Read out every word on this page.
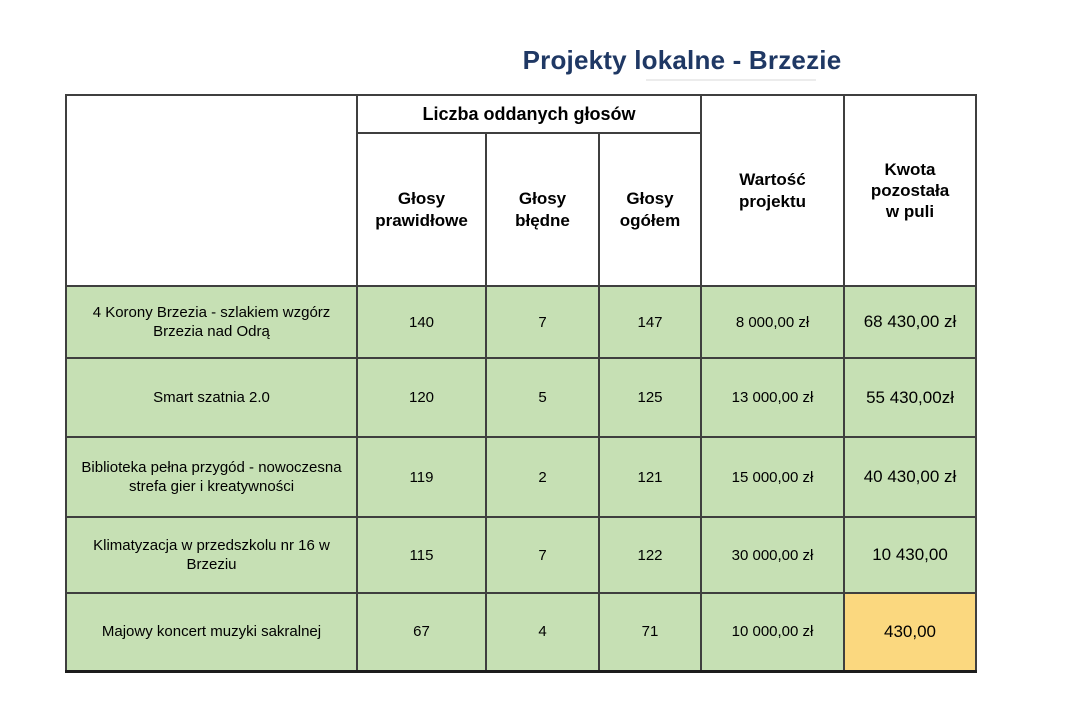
Projekty lokalne - Brzezie
	Liczba oddanych głosów			Wartość projektu	Kwota pozostała w puli

	Głosy prawidłowe	Głosy błędne	Głosy ogółem		

4 Korony Brzezia - szlakiem wzgórz Brzezia nad Odrą	140	7	147	8 000,00 zł	68 430,00 zł
Smart szatnia 2.0	120	5	125	13 000,00 zł	55 430,00zł
Biblioteka pełna przygód - nowoczesna strefa gier i kreatywności	119	2	121	15 000,00 zł	40 430,00 zł
Klimatyzacja w przedszkolu nr 16 w Brzeziu	115	7	122	30 000,00 zł	10 430,00
Majowy koncert muzyki sakralnej	67	4	71	10 000,00 zł	430,00
